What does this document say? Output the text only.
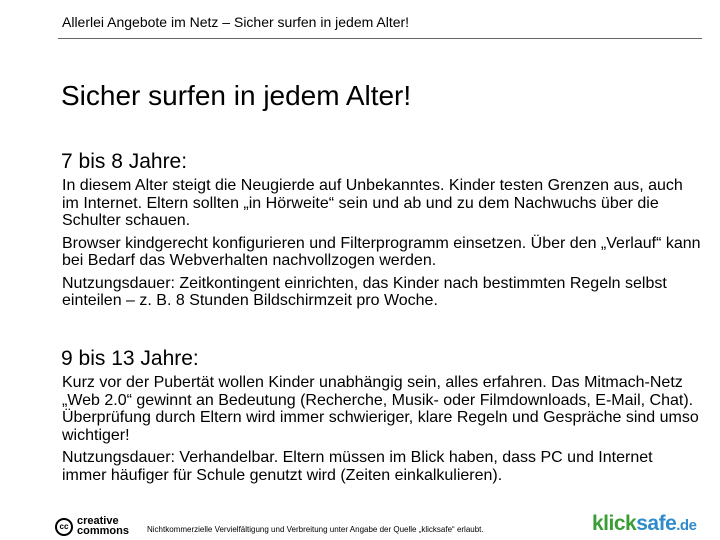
Allerlei Angebote im Netz – Sicher surfen in jedem Alter!
Sicher surfen in jedem Alter!
7 bis 8 Jahre:

In diesem Alter steigt die Neugierde auf Unbekanntes. Kinder testen Grenzen aus, auch im Internet. Eltern sollten „in Hörweite“ sein und ab und zu dem Nachwuchs über die Schulter schauen.

Browser kindgerecht konfigurieren und Filterprogramm einsetzen. Über den „Verlauf“ kann bei Bedarf das Webverhalten nachvollzogen werden.

Nutzungsdauer: Zeitkontingent einrichten, das Kinder nach bestimmten Regeln selbst einteilen – z. B. 8 Stunden Bildschirmzeit pro Woche.

9 bis 13 Jahre:

Kurz vor der Pubertät wollen Kinder unabhängig sein, alles erfahren. Das Mitmach-Netz „Web 2.0“ gewinnt an Bedeutung (Recherche, Musik- oder Filmdownloads, E-Mail, Chat). Überprüfung durch Eltern wird immer schwieriger, klare Regeln und Gespräche sind umso wichtiger!

Nutzungsdauer: Verhandelbar. Eltern müssen im Blick haben, dass PC und Internet immer häufiger für Schule genutzt wird (Zeiten einkalkulieren).

cc creative
commons Nichtkommerzielle Vervielfältigung und Verbreitung unter Angabe der Quelle „klicksafe“ erlaubt.	klicksafe.de
